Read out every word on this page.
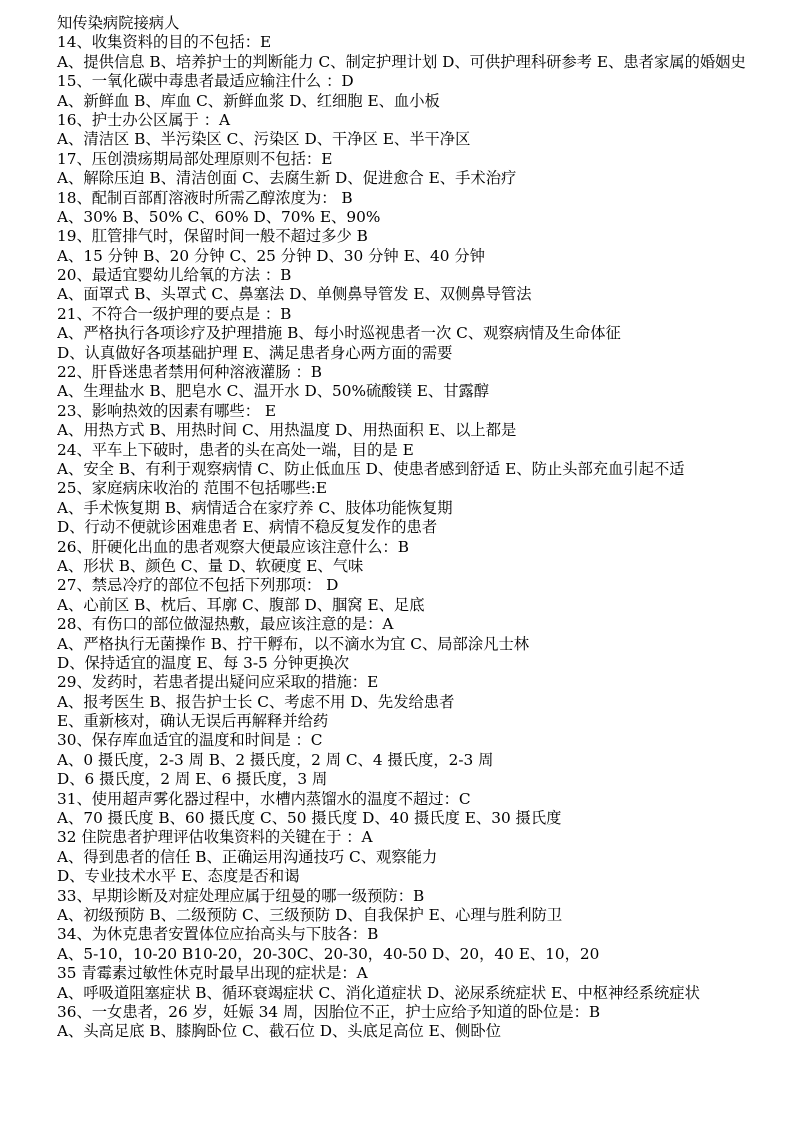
知传染病院接病人
14、收集资料的目的不包括：E
A、提供信息 B、培养护士的判断能力 C、制定护理计划 D、可供护理科研参考 E、患者家属的婚姻史
15、一氧化碳中毒患者最适应输注什么 ：D
A、新鲜血 B、库血 C、新鲜血浆 D、红细胞 E、血小板
16、护士办公区属于 ：A
A、清洁区 B、半污染区 C、污染区 D、干净区 E、半干净区
17、压创溃疡期局部处理原则不包括：E
A、解除压迫 B、清洁创面 C、去腐生新 D、促进愈合 E、手术治疗
18、配制百部酊溶液时所需乙醇浓度为： B
A、30% B、50% C、60% D、70% E、90%
19、肛管排气时，保留时间一般不超过多少 B
A、15 分钟 B、20 分钟 C、25 分钟 D、30 分钟 E、40 分钟
20、最适宜婴幼儿给氧的方法 ：B
A、面罩式 B、头罩式 C、鼻塞法 D、单侧鼻导管发 E、双侧鼻导管法
21、不符合一级护理的要点是 ：B
A、严格执行各项诊疗及护理措施 B、每小时巡视患者一次 C、观察病情及生命体征
D、认真做好各项基础护理 E、满足患者身心两方面的需要
22、肝昏迷患者禁用何种溶液灌肠 ：B
A、生理盐水 B、肥皂水 C、温开水 D、50%硫酸镁 E、甘露醇
23、影响热效的因素有哪些： E
A、用热方式 B、用热时间 C、用热温度 D、用热面积 E、以上都是
24、平车上下破时，患者的头在高处一端，目的是 E
A、安全 B、有利于观察病情 C、防止低血压 D、使患者感到舒适 E、防止头部充血引起不适
25、家庭病床收治的 范围不包括哪些:E
A、手术恢复期 B、病情适合在家疗养 C、肢体功能恢复期
D、行动不便就诊困难患者 E、病情不稳反复发作的患者
26、肝硬化出血的患者观察大便最应该注意什么：B
A、形状 B、颜色 C、量 D、软硬度 E、气味
27、禁忌冷疗的部位不包括下列那项： D
A、心前区 B、枕后、耳廓 C、腹部 D、腘窝 E、足底
28、有伤口的部位做湿热敷，最应该注意的是：A
A、严格执行无菌操作 B、拧干孵布，以不滴水为宜 C、局部涂凡士林
D、保持适宜的温度 E、每 3-5 分钟更换次
29、发药时，若患者提出疑问应采取的措施：E
A、报考医生 B、报告护士长 C、考虑不用 D、先发给患者
E、重新核对，确认无误后再解释并给药
30、保存库血适宜的温度和时间是 ：C
A、0 摄氏度，2-3 周 B、2 摄氏度，2 周 C、4 摄氏度，2-3 周
D、6 摄氏度，2 周 E、6 摄氏度，3 周
31、使用超声雾化器过程中，水槽内蒸馏水的温度不超过：C
A、70 摄氏度 B、60 摄氏度 C、50 摄氏度 D、40 摄氏度 E、30 摄氏度
32 住院患者护理评估收集资料的关键在于 ：A
A、得到患者的信任 B、正确运用沟通技巧 C、观察能力
D、专业技术水平 E、态度是否和谒
33、早期诊断及对症处理应属于纽曼的哪一级预防：B
A、初级预防 B、二级预防 C、三级预防 D、自我保护 E、心理与胜利防卫
34、为休克患者安置体位应抬高头与下肢各：B
A、5-10，10-20 B10-20，20-30C、20-30，40-50 D、20，40 E、10，20
35 青霉素过敏性休克时最早出现的症状是：A
A、呼吸道阻塞症状 B、循环衰竭症状 C、消化道症状 D、泌尿系统症状 E、中枢神经系统症状
36、一女患者，26 岁，妊娠 34 周，因胎位不正，护士应给予知道的卧位是：B
A、头高足底 B、膝胸卧位 C、截石位 D、头底足高位 E、侧卧位
